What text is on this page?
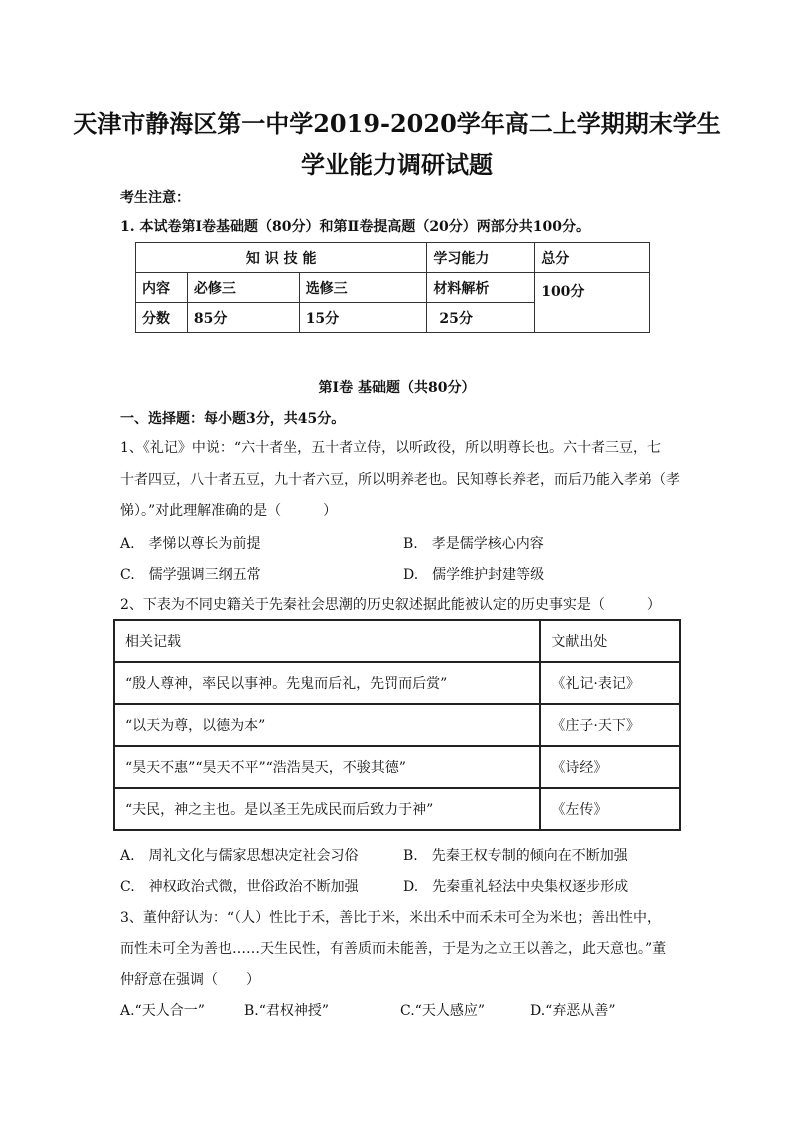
天津市静海区第一中学2019-2020学年高二上学期期末学生
学业能力调研试题
考生注意：
1. 本试卷第Ⅰ卷基础题（80分）和第Ⅱ卷提高题（20分）两部分共100分。
知 识 技 能			学习能力	总分
内容	必修三	选修三	材料解析	100分
分数	85分	15分	25分	
第Ⅰ卷 基础题（共80分）
一、选择题：每小题3分，共45分。
1、《礼记》中说：“六十者坐，五十者立侍，以听政役，所以明尊长也。六十者三豆，七
十者四豆，八十者五豆，九十者六豆，所以明养老也。民知尊长养老，而后乃能入孝弟（孝
悌）。”对此理解准确的是（　　　）
A.　孝悌以尊长为前提	B.　孝是儒学核心内容
C.　儒学强调三纲五常	D.　儒学维护封建等级
2、下表为不同史籍关于先秦社会思潮的历史叙述据此能被认定的历史事实是（　　　）
相关记载	文献出处
“殷人尊神，率民以事神。先鬼而后礼，先罚而后赏”	《礼记·表记》
“以天为尊，以德为本”	《庄子·天下》
“昊天不惠”“昊天不平”“浩浩昊天，不骏其德”	《诗经》
“夫民，神之主也。是以圣王先成民而后致力于神”	《左传》
A.　周礼文化与儒家思想决定社会习俗	B.　先秦王权专制的倾向在不断加强
C.　神权政治式微，世俗政治不断加强	D.　先秦重礼轻法中央集权逐步形成
3、董仲舒认为：“（人）性比于禾，善比于米，米出禾中而禾未可全为米也；善出性中，
而性未可全为善也……天生民性，有善质而未能善，于是为之立王以善之，此天意也。”董
仲舒意在强调（　　）
A.“天人合一”	B.“君权神授”	C.“天人感应”	D.“弃恶从善”
